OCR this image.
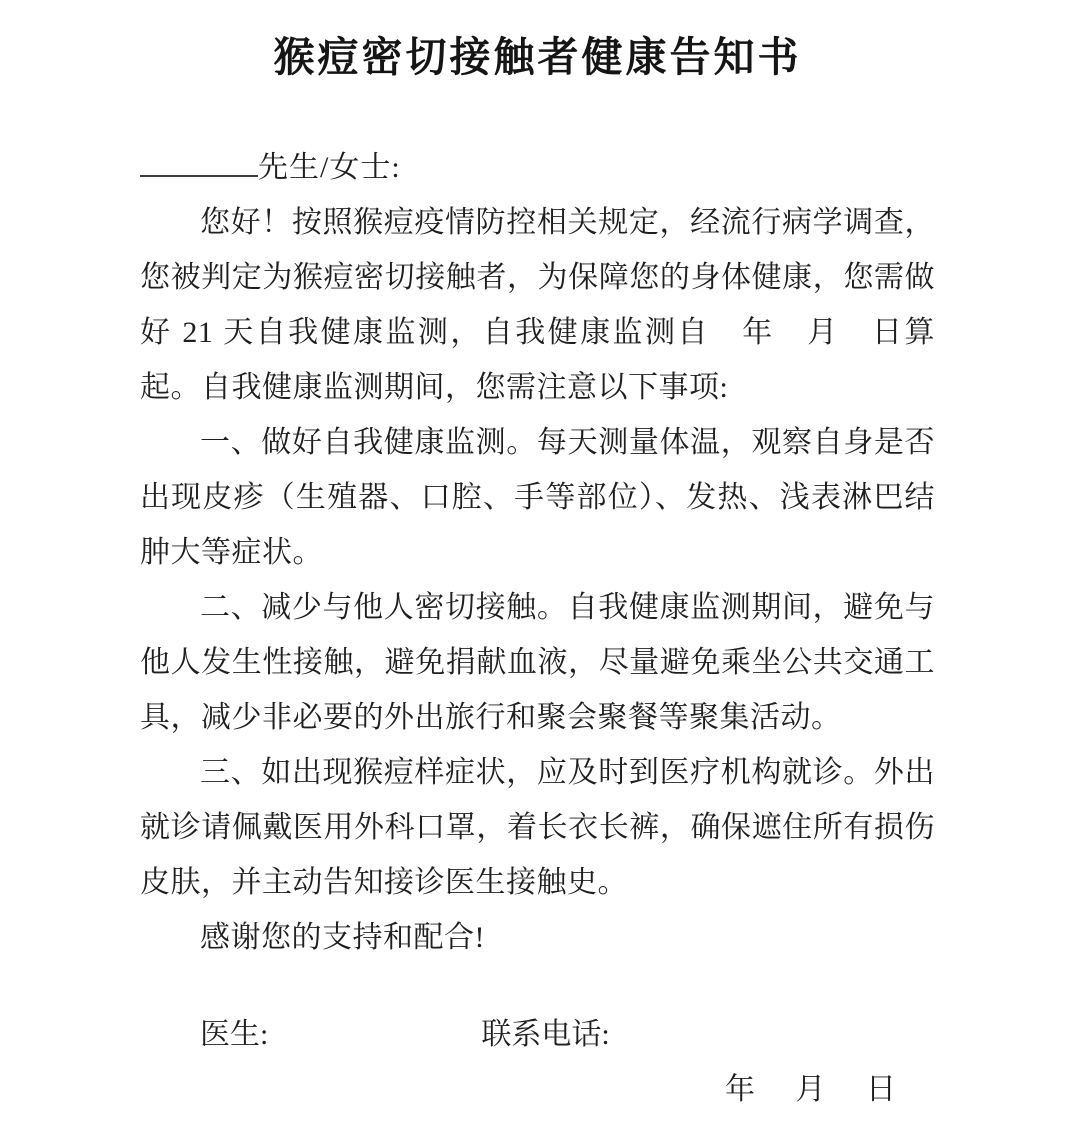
猴痘密切接触者健康告知书

先生/女士:

您好！按照猴痘疫情防控相关规定，经流行病学调查，您被判定为猴痘密切接触者，为保障您的身体健康，您需做好 21 天自我健康监测，自我健康监测自　年　月　日算起。自我健康监测期间，您需注意以下事项:

一、做好自我健康监测。每天测量体温，观察自身是否出现皮疹（生殖器、口腔、手等部位）、发热、浅表淋巴结肿大等症状。

二、减少与他人密切接触。自我健康监测期间，避免与他人发生性接触，避免捐献血液，尽量避免乘坐公共交通工具，减少非必要的外出旅行和聚会聚餐等聚集活动。

三、如出现猴痘样症状，应及时到医疗机构就诊。外出就诊请佩戴医用外科口罩，着长衣长裤，确保遮住所有损伤皮肤，并主动告知接诊医生接触史。

感谢您的支持和配合!

医生:	联系电话:

年　 月　 日
